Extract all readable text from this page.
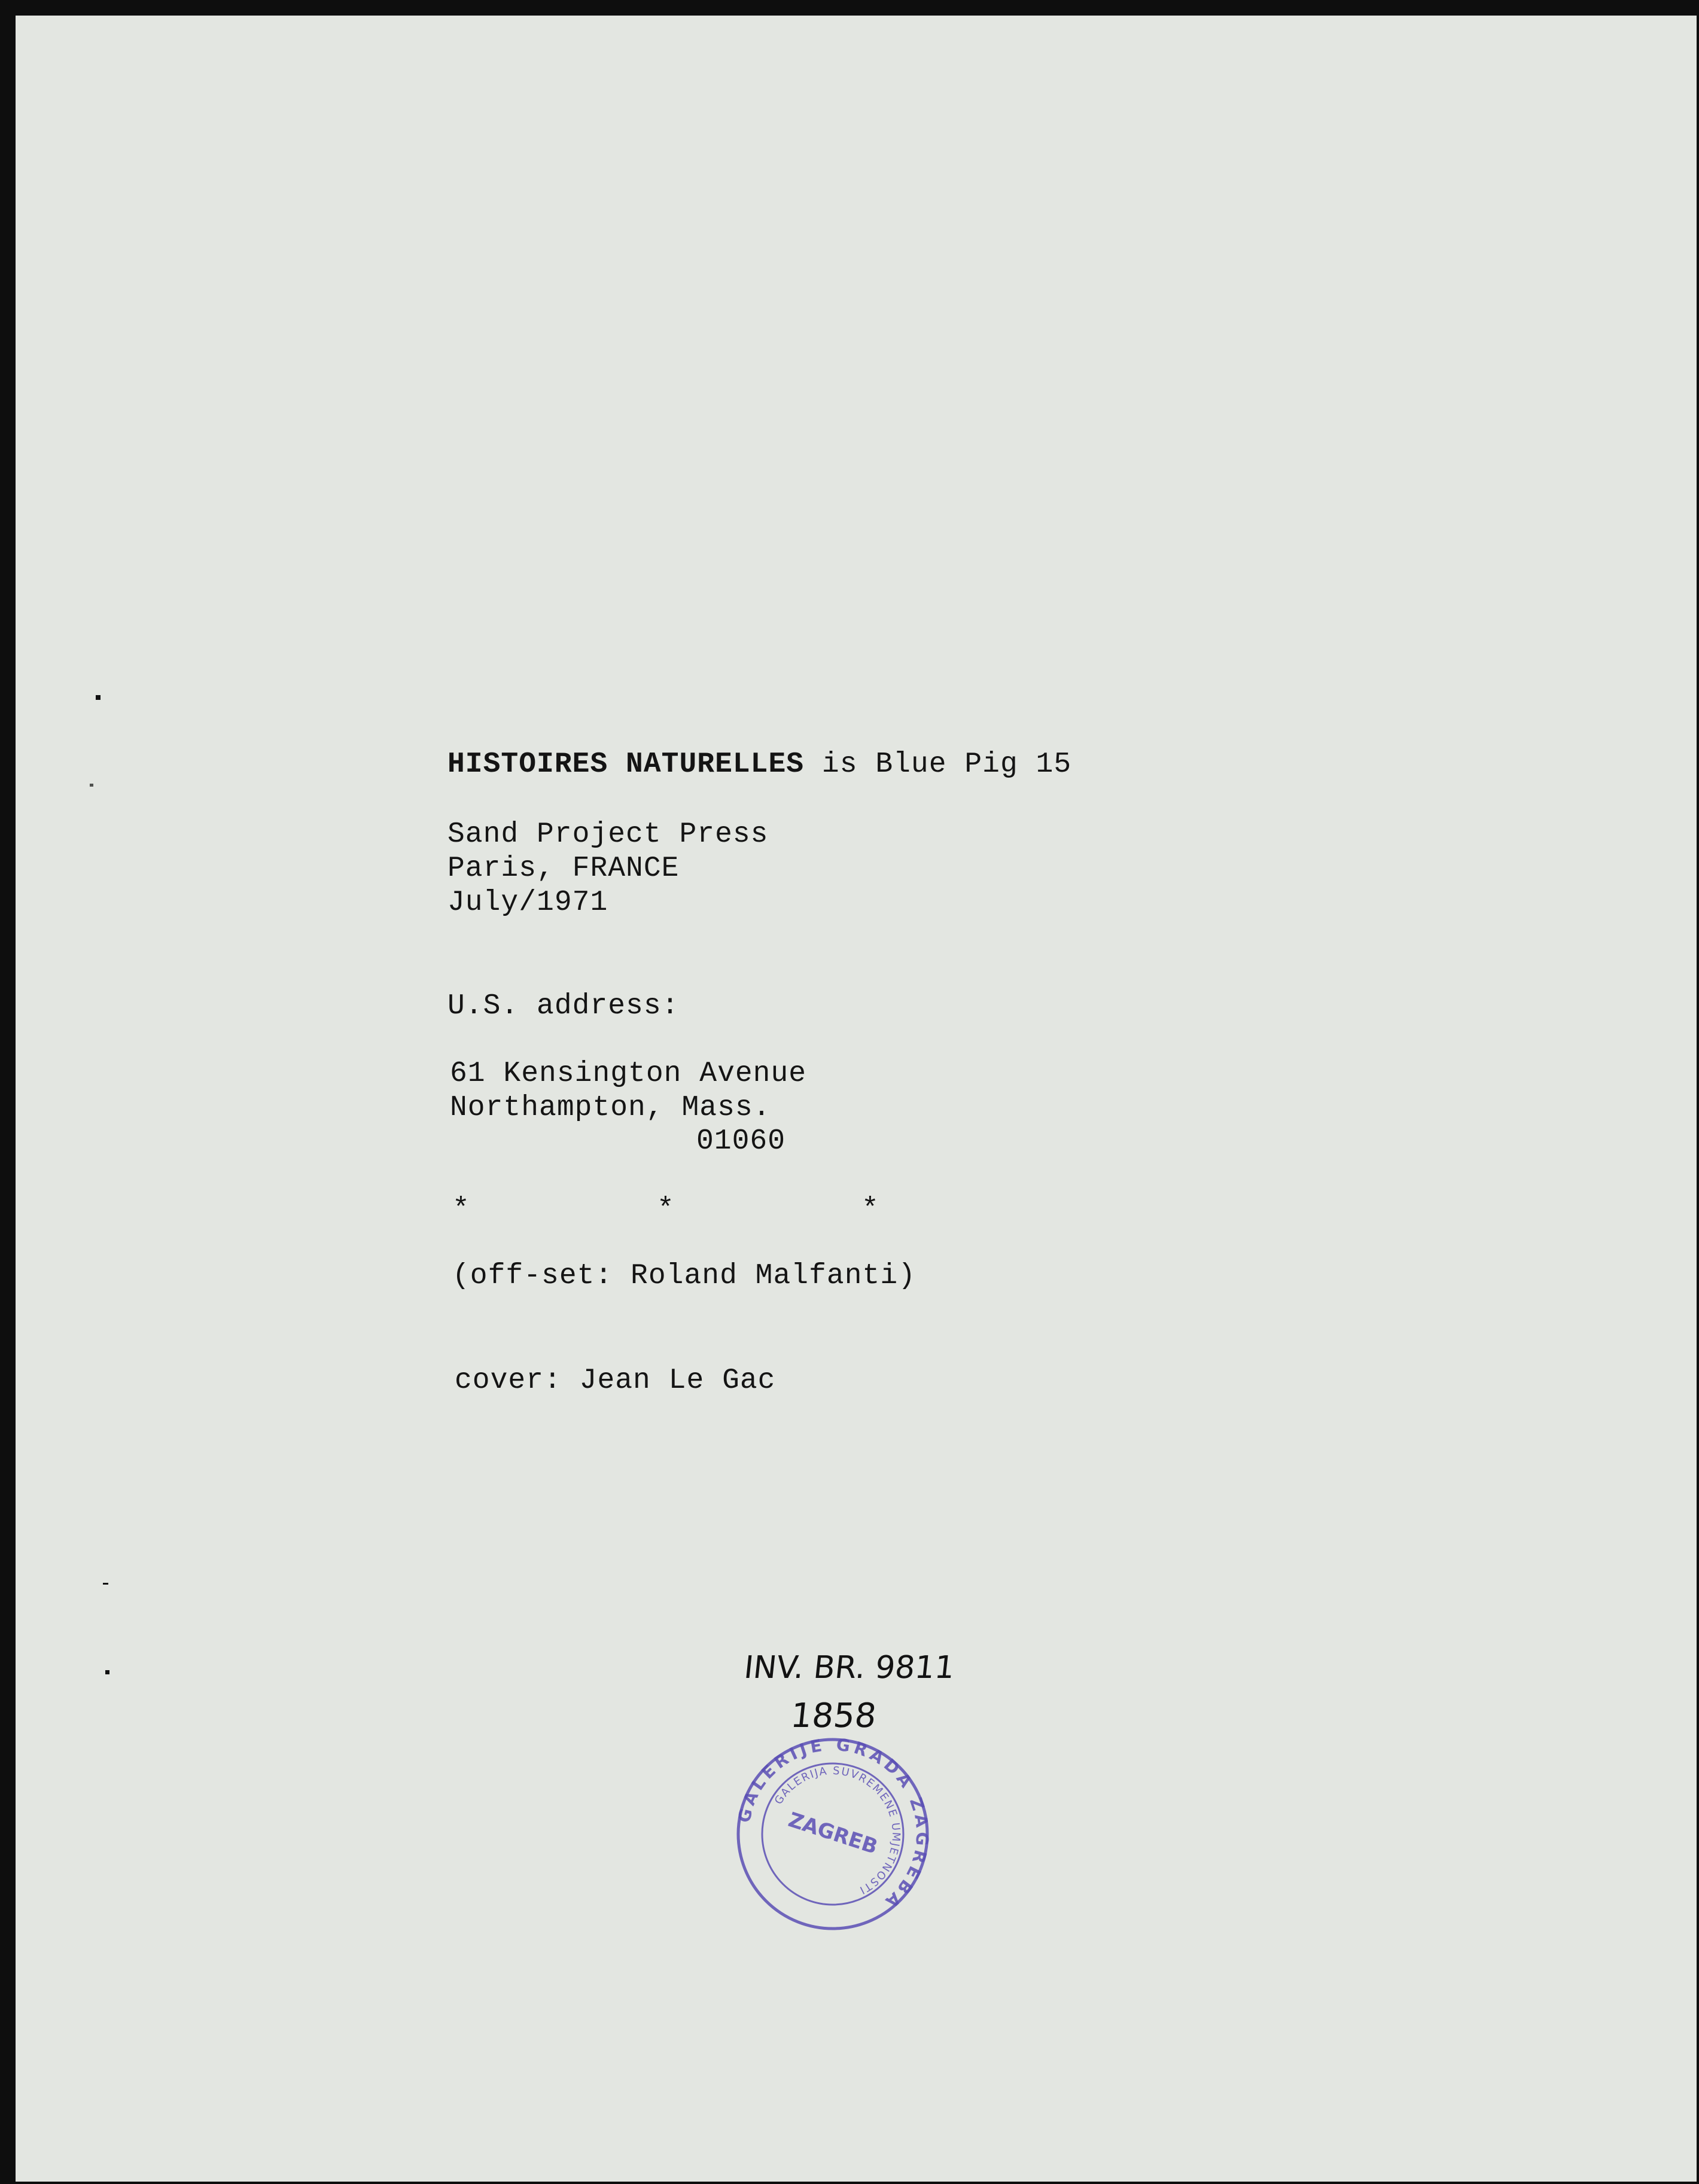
HISTOIRES NATURELLES is Blue Pig 15
Sand Project Press
Paris, FRANCE
July/1971
U.S. address:
61 Kensington Avenue
Northampton, Mass.
01060
*	*	*
(off-set: Roland Malfanti)
cover: Jean Le Gac
INV. BR. 9811
1858
GALERIJE GRADA ZAGREBA
GALERIJA SUVREMENE UMJETNOSTI
ZAGREB
